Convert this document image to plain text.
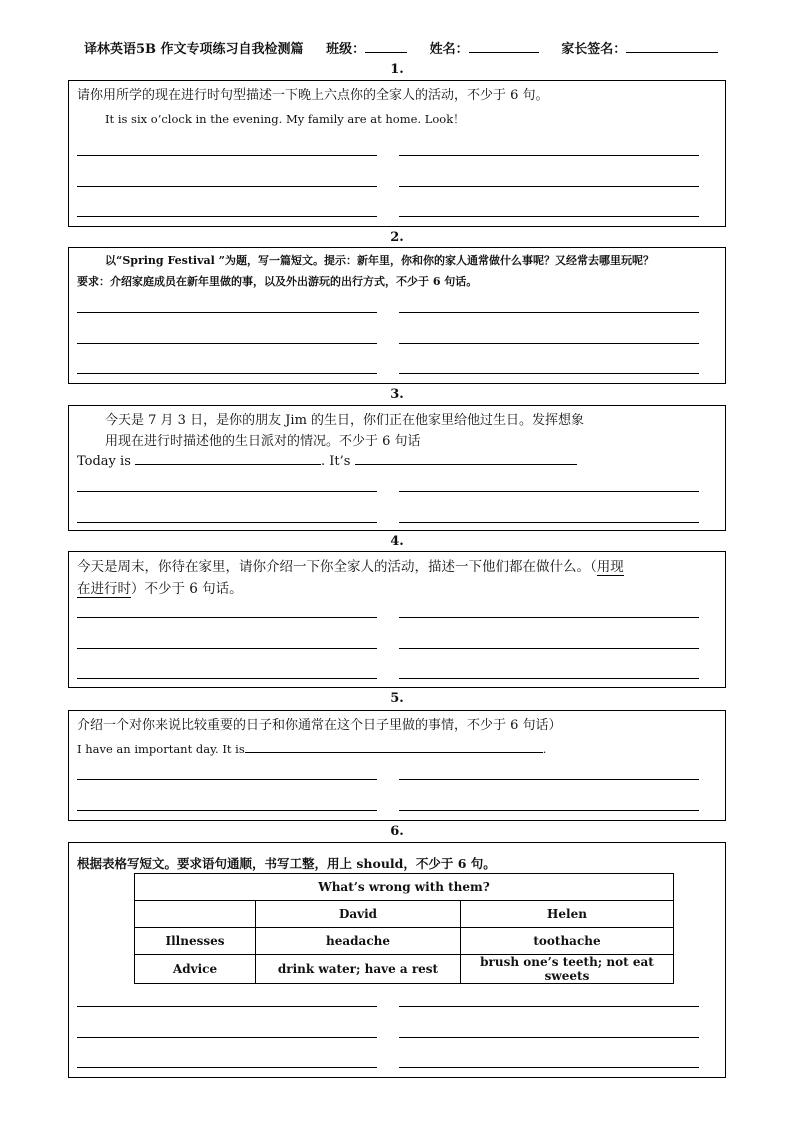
译林英语5B 作文专项练习自我检测篇 班级：	姓名：	家长签名：
1.
请你用所学的现在进行时句型描述一下晚上六点你的全家人的活动，不少于 6 句。
It is six o’clock in the evening. My family are at home. Look！
2.
以“Spring Festival ”为题，写一篇短文。提示：新年里，你和你的家人通常做什么事呢？又经常去哪里玩呢？
要求：介绍家庭成员在新年里做的事，以及外出游玩的出行方式，不少于 6 句话。
3.
今天是 7 月 3 日，是你的朋友 Jim 的生日，你们正在他家里给他过生日。发挥想象
用现在进行时描述他的生日派对的情况。不少于 6 句话
Today is	. It’s
4.
今天是周末，你待在家里，请你介绍一下你全家人的活动，描述一下他们都在做什么。（用现
在进行时）不少于 6 句话。
5.
介绍一个对你来说比较重要的日子和你通常在这个日子里做的事情，不少于 6 句话）
I have an important day. It is	.
6.
根据表格写短文。要求语句通顺，书写工整，用上 should，不少于 6 句。
What’s wrong with them?		
	David	Helen
Illnesses	headache	toothache
Advice	drink water; have a rest	brush one’s teeth; not eat sweets
